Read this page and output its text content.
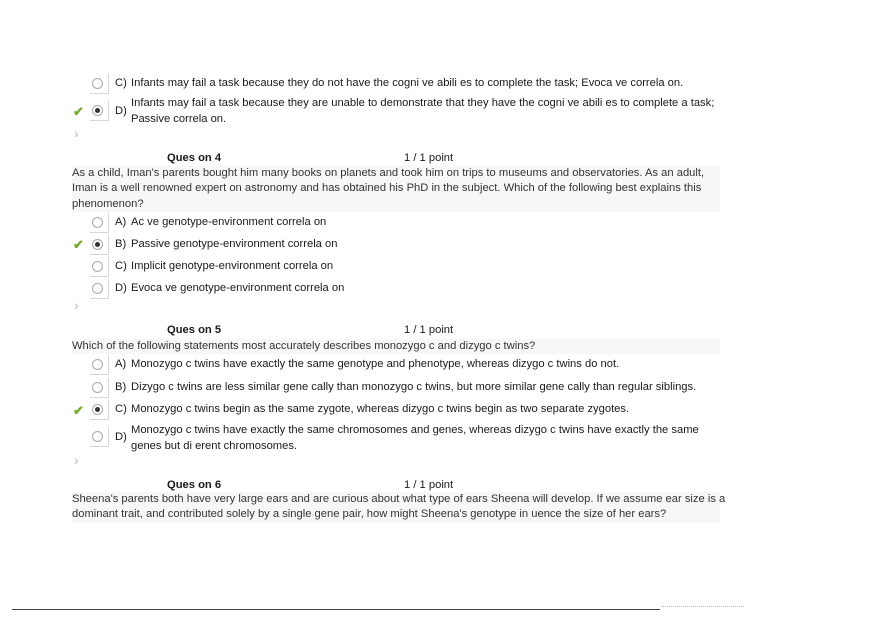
C) Infants may fail a task because they do not have the cogni ve abili es to complete the task; Evoca ve correla on.
✔	D)
Infants may fail a task because they are unable to demonstrate that they have the cogni ve abili es to complete a task;
Passive correla on.
›
Ques on 4	1 / 1 point
As a child, Iman's parents bought him many books on planets and took him on trips to museums and observatories. As an adult,
Iman is a well renowned expert on astronomy and has obtained his PhD in the subject. Which of the following best explains this
phenomenon?
A) Ac ve genotype-environment correla on
✔	B) Passive genotype-environment correla on
C) Implicit genotype-environment correla on
D) Evoca ve genotype-environment correla on
›
Ques on 5	1 / 1 point
Which of the following statements most accurately describes monozygo c and dizygo c twins?
A) Monozygo c twins have exactly the same genotype and phenotype, whereas dizygo c twins do not.
B) Dizygo c twins are less similar gene cally than monozygo c twins, but more similar gene cally than regular siblings.
✔	C) Monozygo c twins begin as the same zygote, whereas dizygo c twins begin as two separate zygotes.
D)
Monozygo c twins have exactly the same chromosomes and genes, whereas dizygo c twins have exactly the same
genes but di erent chromosomes.
›
Ques on 6	1 / 1 point
Sheena's parents both have very large ears and are curious about what type of ears Sheena will develop. If we assume ear size is a
dominant trait, and contributed solely by a single gene pair, how might Sheena's genotype in uence the size of her ears?
